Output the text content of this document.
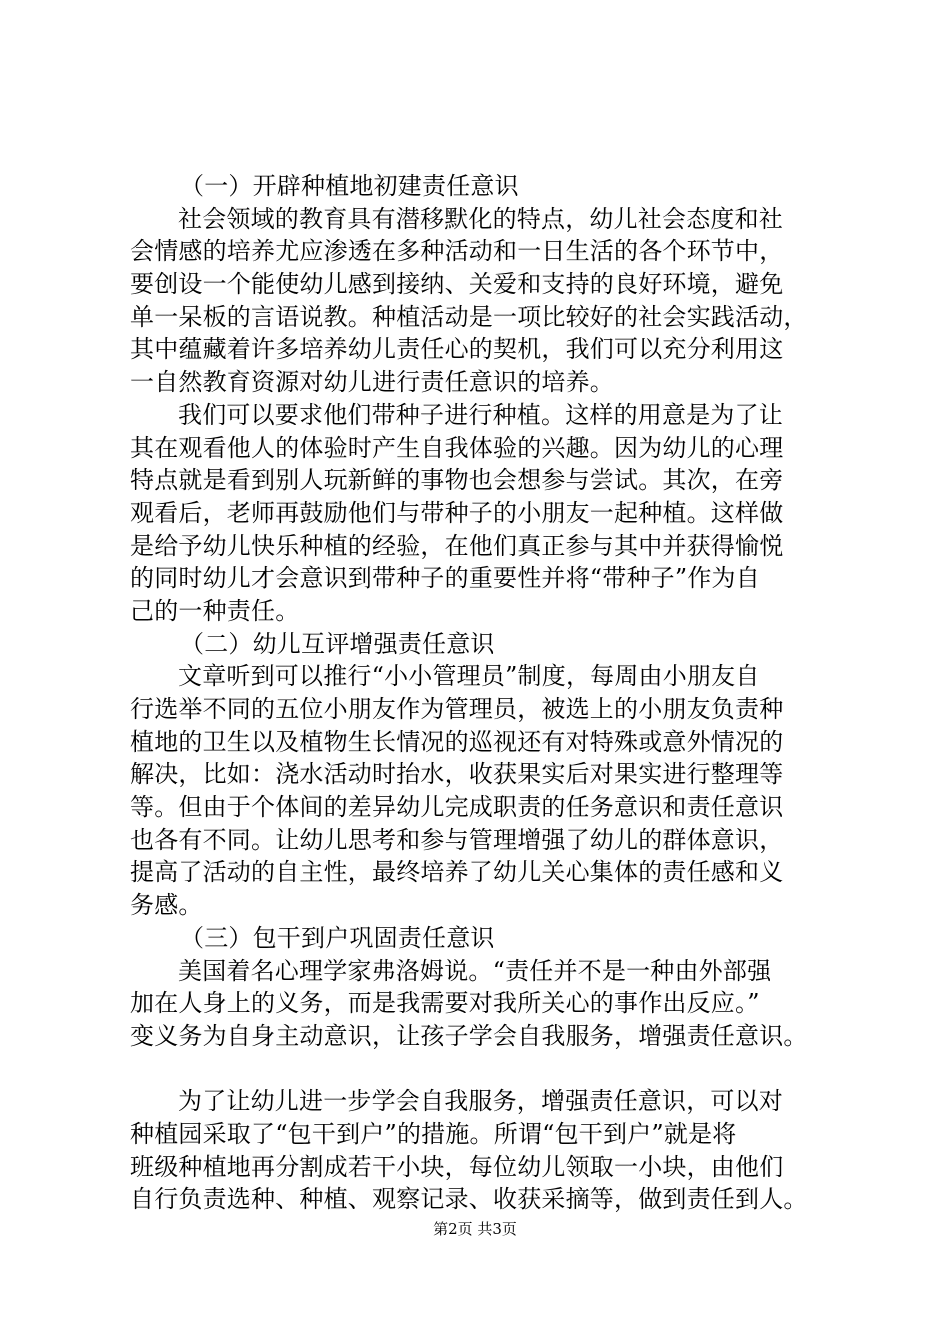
（一）开辟种植地初建责任意识
社会领域的教育具有潜移默化的特点，幼儿社会态度和社
会情感的培养尤应渗透在多种活动和一日生活的各个环节中，
要创设一个能使幼儿感到接纳、关爱和支持的良好环境，避免
单一呆板的言语说教。种植活动是一项比较好的社会实践活动，
其中蕴藏着许多培养幼儿责任心的契机，我们可以充分利用这
一自然教育资源对幼儿进行责任意识的培养。
我们可以要求他们带种子进行种植。这样的用意是为了让
其在观看他人的体验时产生自我体验的兴趣。因为幼儿的心理
特点就是看到别人玩新鲜的事物也会想参与尝试。其次，在旁
观看后，老师再鼓励他们与带种子的小朋友一起种植。这样做
是给予幼儿快乐种植的经验，在他们真正参与其中并获得愉悦
的同时幼儿才会意识到带种子的重要性并将“带种子”作为自
己的一种责任。
（二）幼儿互评增强责任意识
文章听到可以推行“小小管理员”制度，每周由小朋友自
行选举不同的五位小朋友作为管理员，被选上的小朋友负责种
植地的卫生以及植物生长情况的巡视还有对特殊或意外情况的
解决，比如：浇水活动时抬水，收获果实后对果实进行整理等
等。但由于个体间的差异幼儿完成职责的任务意识和责任意识
也各有不同。让幼儿思考和参与管理增强了幼儿的群体意识，
提高了活动的自主性，最终培养了幼儿关心集体的责任感和义
务感。
（三）包干到户巩固责任意识
美国着名心理学家弗洛姆说。“责任并不是一种由外部强
加在人身上的义务，而是我需要对我所关心的事作出反应。”
变义务为自身主动意识，让孩子学会自我服务，增强责任意识。
为了让幼儿进一步学会自我服务，增强责任意识，可以对
种植园采取了“包干到户”的措施。所谓“包干到户”就是将
班级种植地再分割成若干小块，每位幼儿领取一小块，由他们
自行负责选种、种植、观察记录、收获采摘等，做到责任到人。
第2页 共3页
